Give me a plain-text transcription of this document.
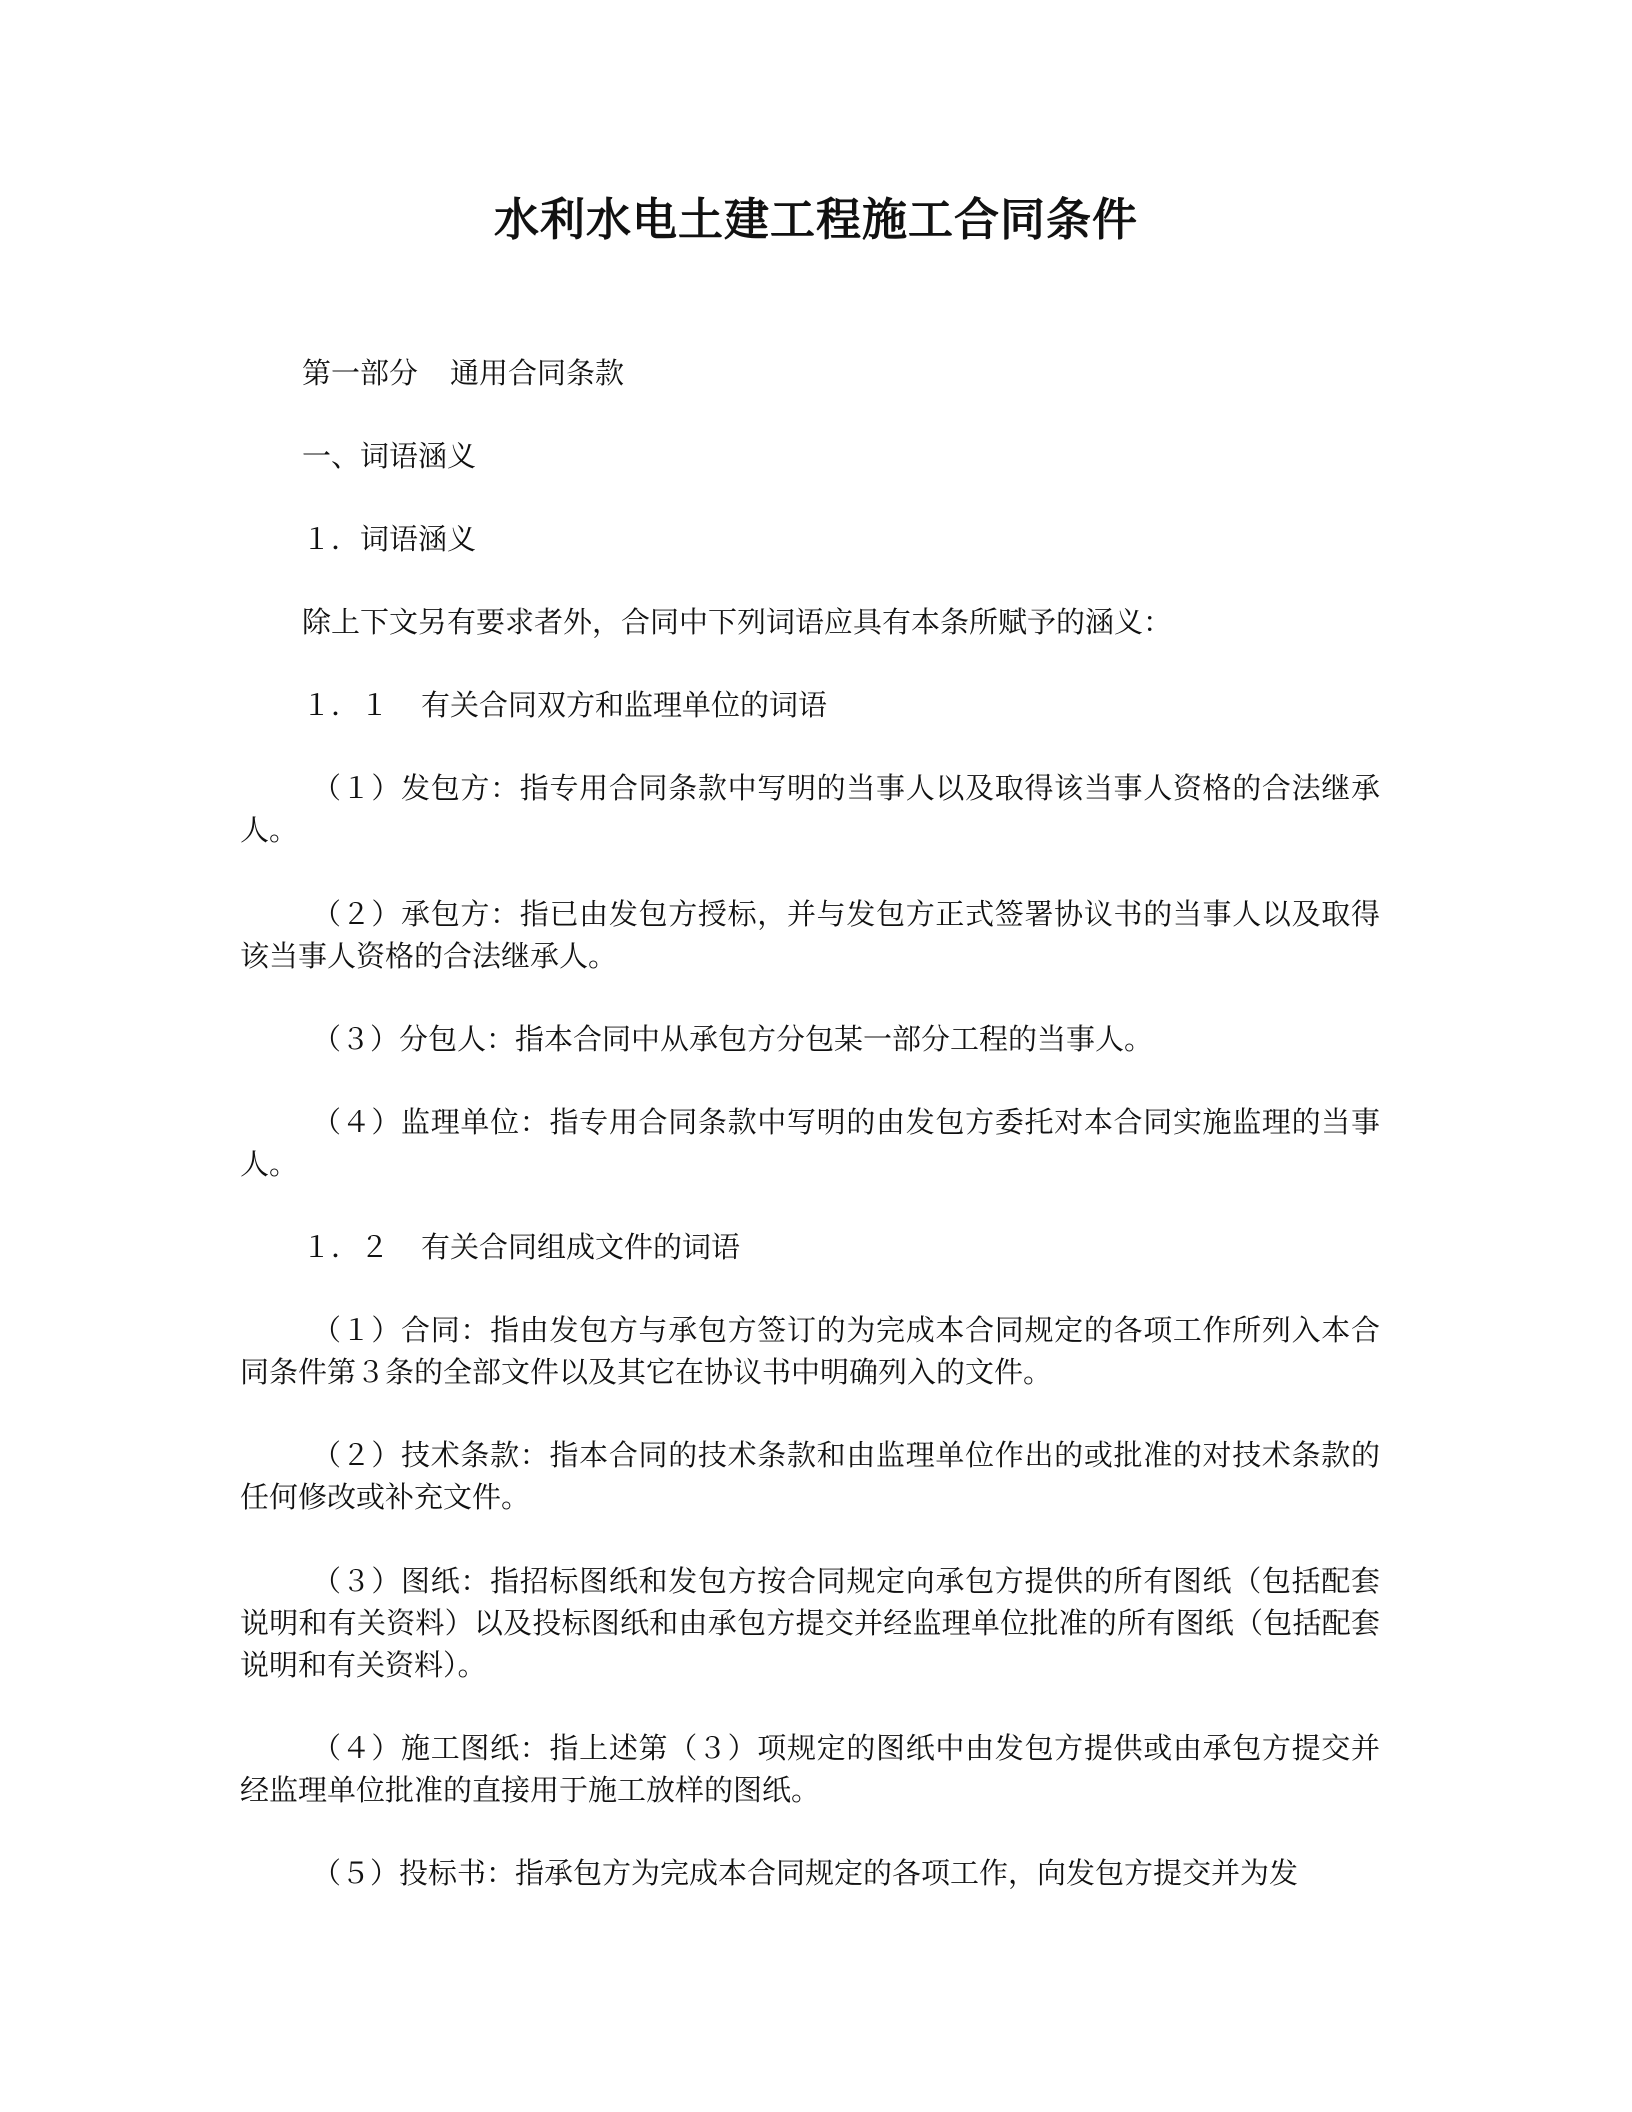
水利水电土建工程施工合同条件
第一部分 通用合同条款
一、词语涵义
１．词语涵义
除上下文另有要求者外，合同中下列词语应具有本条所赋予的涵义：
１．１ 有关合同双方和监理单位的词语
（１）发包方：指专用合同条款中写明的当事人以及取得该当事人资格的合法继承人。
（２）承包方：指已由发包方授标，并与发包方正式签署协议书的当事人以及取得该当事人资格的合法继承人。
（３）分包人：指本合同中从承包方分包某一部分工程的当事人。
（４）监理单位：指专用合同条款中写明的由发包方委托对本合同实施监理的当事人。
１．２ 有关合同组成文件的词语
（１）合同：指由发包方与承包方签订的为完成本合同规定的各项工作所列入本合同条件第３条的全部文件以及其它在协议书中明确列入的文件。
（２）技术条款：指本合同的技术条款和由监理单位作出的或批准的对技术条款的任何修改或补充文件。
（３）图纸：指招标图纸和发包方按合同规定向承包方提供的所有图纸（包括配套说明和有关资料）以及投标图纸和由承包方提交并经监理单位批准的所有图纸（包括配套说明和有关资料）。
（４）施工图纸：指上述第（３）项规定的图纸中由发包方提供或由承包方提交并经监理单位批准的直接用于施工放样的图纸。
（５）投标书：指承包方为完成本合同规定的各项工作，向发包方提交并为发
